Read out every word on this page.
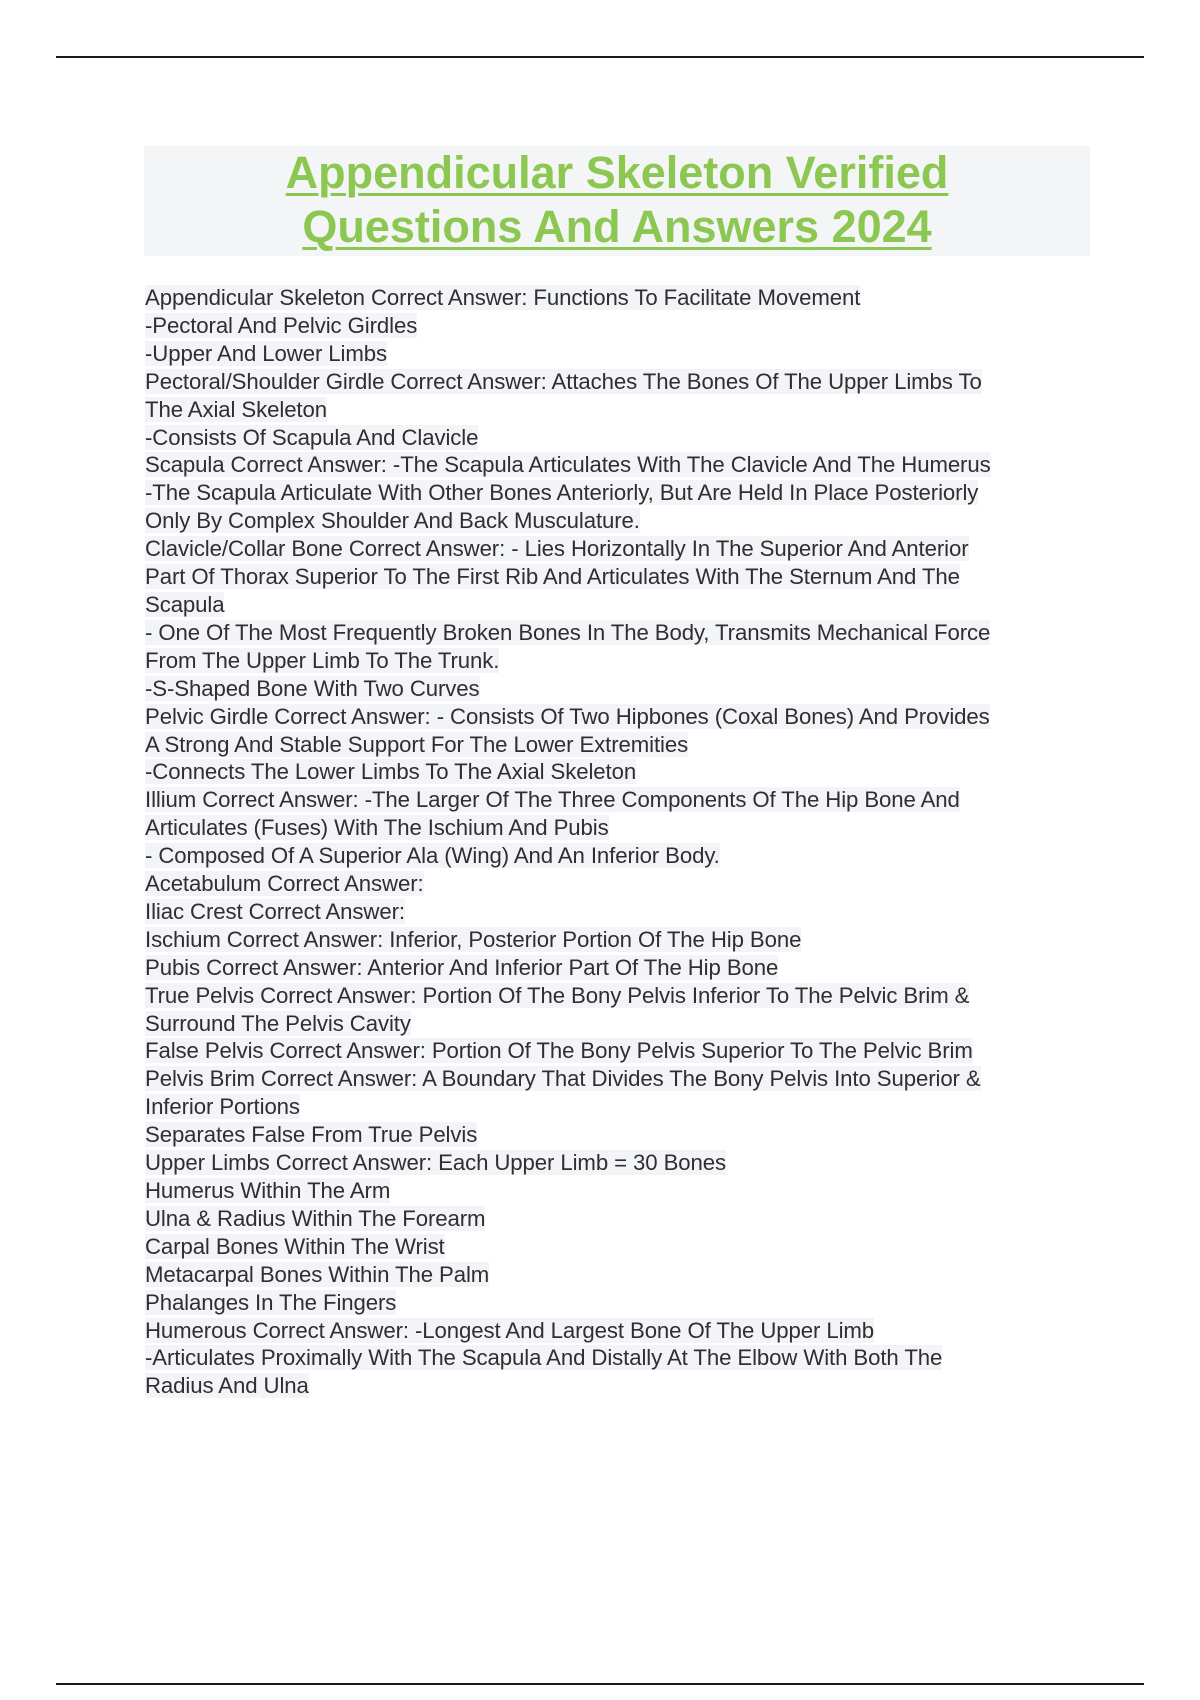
Appendicular Skeleton Verified
Questions And Answers 2024
Appendicular Skeleton Correct Answer: Functions To Facilitate Movement
-Pectoral And Pelvic Girdles
-Upper And Lower Limbs
Pectoral/Shoulder Girdle Correct Answer: Attaches The Bones Of The Upper Limbs To
The Axial Skeleton
-Consists Of Scapula And Clavicle
Scapula Correct Answer: -The Scapula Articulates With The Clavicle And The Humerus
-The Scapula Articulate With Other Bones Anteriorly, But Are Held In Place Posteriorly
Only By Complex Shoulder And Back Musculature.
Clavicle/Collar Bone Correct Answer: - Lies Horizontally In The Superior And Anterior
Part Of Thorax Superior To The First Rib And Articulates With The Sternum And The
Scapula
- One Of The Most Frequently Broken Bones In The Body, Transmits Mechanical Force
From The Upper Limb To The Trunk.
-S-Shaped Bone With Two Curves
Pelvic Girdle Correct Answer: - Consists Of Two Hipbones (Coxal Bones) And Provides
A Strong And Stable Support For The Lower Extremities
-Connects The Lower Limbs To The Axial Skeleton
Illium Correct Answer: -The Larger Of The Three Components Of The Hip Bone And
Articulates (Fuses) With The Ischium And Pubis
- Composed Of A Superior Ala (Wing) And An Inferior Body.
Acetabulum Correct Answer:
Iliac Crest Correct Answer:
Ischium Correct Answer: Inferior, Posterior Portion Of The Hip Bone
Pubis Correct Answer: Anterior And Inferior Part Of The Hip Bone
True Pelvis Correct Answer: Portion Of The Bony Pelvis Inferior To The Pelvic Brim &
Surround The Pelvis Cavity
False Pelvis Correct Answer: Portion Of The Bony Pelvis Superior To The Pelvic Brim
Pelvis Brim Correct Answer: A Boundary That Divides The Bony Pelvis Into Superior &
Inferior Portions
Separates False From True Pelvis
Upper Limbs Correct Answer: Each Upper Limb = 30 Bones
Humerus Within The Arm
Ulna & Radius Within The Forearm
Carpal Bones Within The Wrist
Metacarpal Bones Within The Palm
Phalanges In The Fingers
Humerous Correct Answer: -Longest And Largest Bone Of The Upper Limb
-Articulates Proximally With The Scapula And Distally At The Elbow With Both The
Radius And Ulna
